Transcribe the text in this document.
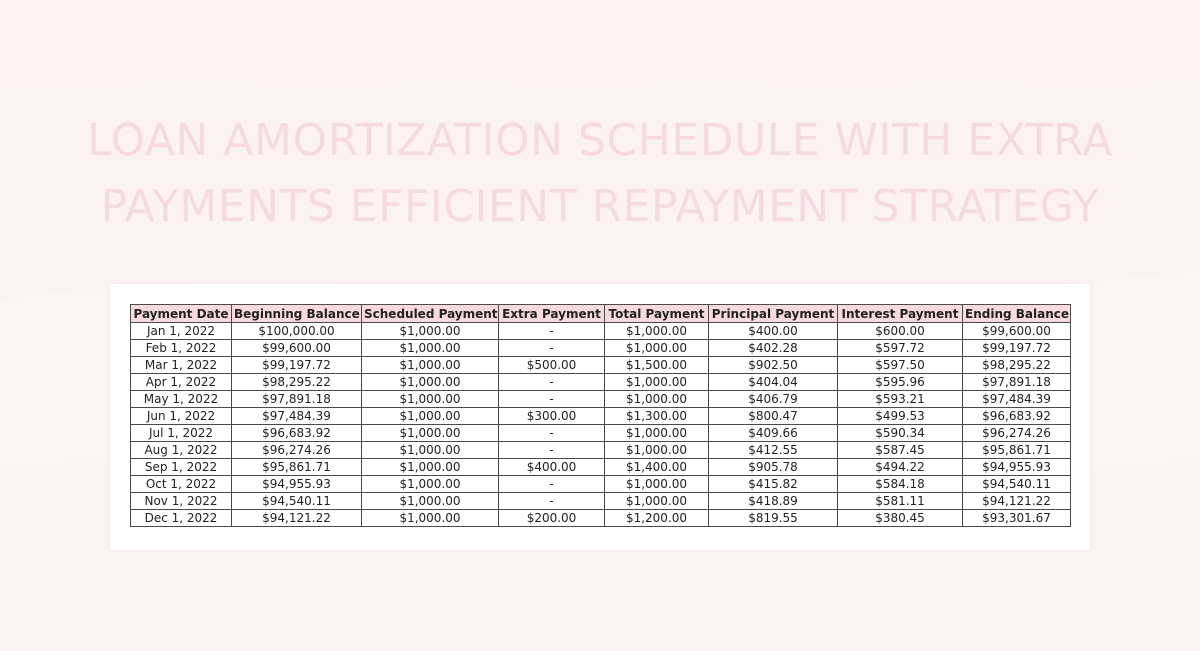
LOAN AMORTIZATION SCHEDULE WITH EXTRA
PAYMENTS EFFICIENT REPAYMENT STRATEGY
Payment Date	Beginning Balance	Scheduled Payment	Extra Payment	Total Payment	Principal Payment	Interest Payment	Ending Balance
Jan 1, 2022	$100,000.00	$1,000.00	-	$1,000.00	$400.00	$600.00	$99,600.00
Feb 1, 2022	$99,600.00	$1,000.00	-	$1,000.00	$402.28	$597.72	$99,197.72
Mar 1, 2022	$99,197.72	$1,000.00	$500.00	$1,500.00	$902.50	$597.50	$98,295.22
Apr 1, 2022	$98,295.22	$1,000.00	-	$1,000.00	$404.04	$595.96	$97,891.18
May 1, 2022	$97,891.18	$1,000.00	-	$1,000.00	$406.79	$593.21	$97,484.39
Jun 1, 2022	$97,484.39	$1,000.00	$300.00	$1,300.00	$800.47	$499.53	$96,683.92
Jul 1, 2022	$96,683.92	$1,000.00	-	$1,000.00	$409.66	$590.34	$96,274.26
Aug 1, 2022	$96,274.26	$1,000.00	-	$1,000.00	$412.55	$587.45	$95,861.71
Sep 1, 2022	$95,861.71	$1,000.00	$400.00	$1,400.00	$905.78	$494.22	$94,955.93
Oct 1, 2022	$94,955.93	$1,000.00	-	$1,000.00	$415.82	$584.18	$94,540.11
Nov 1, 2022	$94,540.11	$1,000.00	-	$1,000.00	$418.89	$581.11	$94,121.22
Dec 1, 2022	$94,121.22	$1,000.00	$200.00	$1,200.00	$819.55	$380.45	$93,301.67
